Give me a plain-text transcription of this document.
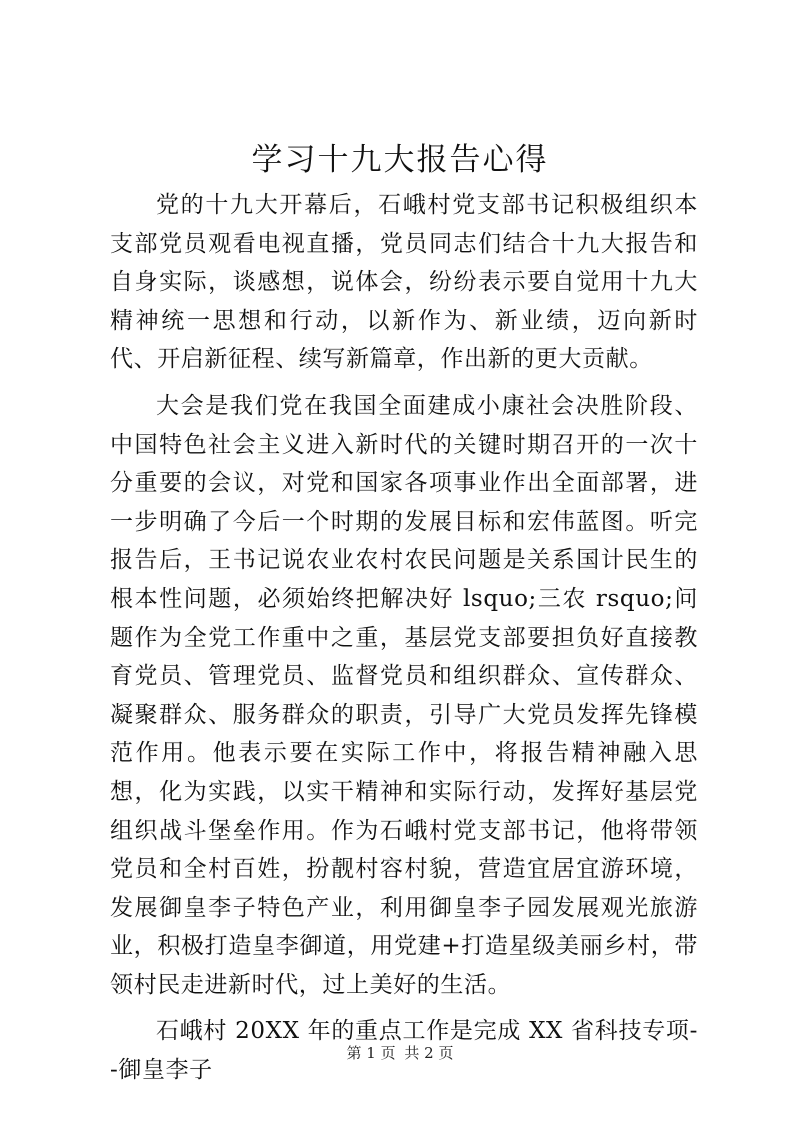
学习十九大报告心得

党的十九大开幕后，石峨村党支部书记积极组织本支部党员观看电视直播，党员同志们结合十九大报告和自身实际，谈感想，说体会，纷纷表示要自觉用十九大精神统一思想和行动，以新作为、新业绩，迈向新时代、开启新征程、续写新篇章，作出新的更大贡献。

大会是我们党在我国全面建成小康社会决胜阶段、中国特色社会主义进入新时代的关键时期召开的一次十分重要的会议，对党和国家各项事业作出全面部署，进一步明确了今后一个时期的发展目标和宏伟蓝图。听完报告后，王书记说农业农村农民问题是关系国计民生的根本性问题，必须始终把解决好 lsquo;三农 rsquo;问题作为全党工作重中之重，基层党支部要担负好直接教育党员、管理党员、监督党员和组织群众、宣传群众、凝聚群众、服务群众的职责，引导广大党员发挥先锋模范作用。他表示要在实际工作中，将报告精神融入思想，化为实践，以实干精神和实际行动，发挥好基层党组织战斗堡垒作用。作为石峨村党支部书记，他将带领党员和全村百姓，扮靓村容村貌，营造宜居宜游环境，发展御皇李子特色产业，利用御皇李子园发展观光旅游业，积极打造皇李御道，用党建+打造星级美丽乡村，带领村民走进新时代，过上美好的生活。

石峨村 20XX 年的重点工作是完成 XX 省科技专项--御皇李子

第 1 页 共 2 页
